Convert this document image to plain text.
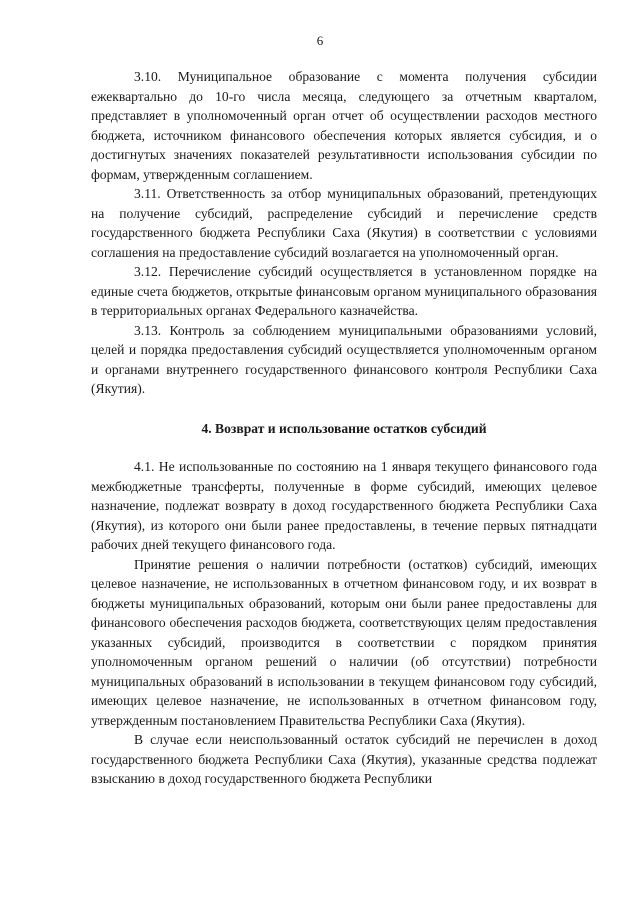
6

3.10. Муниципальное образование с момента получения субсидии ежеквартально до 10-го числа месяца, следующего за отчетным кварталом, представляет в уполномоченный орган отчет об осуществлении расходов местного бюджета, источником финансового обеспечения которых является субсидия, и о достигнутых значениях показателей результативности использования субсидии по формам, утвержденным соглашением.

3.11. Ответственность за отбор муниципальных образований, претендующих на получение субсидий, распределение субсидий и перечисление средств государственного бюджета Республики Саха (Якутия) в соответствии с условиями соглашения на предоставление субсидий возлагается на уполномоченный орган.

3.12. Перечисление субсидий осуществляется в установленном порядке на единые счета бюджетов, открытые финансовым органом муниципального образования в территориальных органах Федерального казначейства.

3.13. Контроль за соблюдением муниципальными образованиями условий, целей и порядка предоставления субсидий осуществляется уполномоченным органом и органами внутреннего государственного финансового контроля Республики Саха (Якутия).

4. Возврат и использование остатков субсидий

4.1. Не использованные по состоянию на 1 января текущего финансового года межбюджетные трансферты, полученные в форме субсидий, имеющих целевое назначение, подлежат возврату в доход государственного бюджета Республики Саха (Якутия), из которого они были ранее предоставлены, в течение первых пятнадцати рабочих дней текущего финансового года.

Принятие решения о наличии потребности (остатков) субсидий, имеющих целевое назначение, не использованных в отчетном финансовом году, и их возврат в бюджеты муниципальных образований, которым они были ранее предоставлены для финансового обеспечения расходов бюджета, соответствующих целям предоставления указанных субсидий, производится в соответствии с порядком принятия уполномоченным органом решений о наличии (об отсутствии) потребности муниципальных образований в использовании в текущем финансовом году субсидий, имеющих целевое назначение, не использованных в отчетном финансовом году, утвержденным постановлением Правительства Республики Саха (Якутия).

В случае если неиспользованный остаток субсидий не перечислен в доход государственного бюджета Республики Саха (Якутия), указанные средства подлежат взысканию в доход государственного бюджета Республики
